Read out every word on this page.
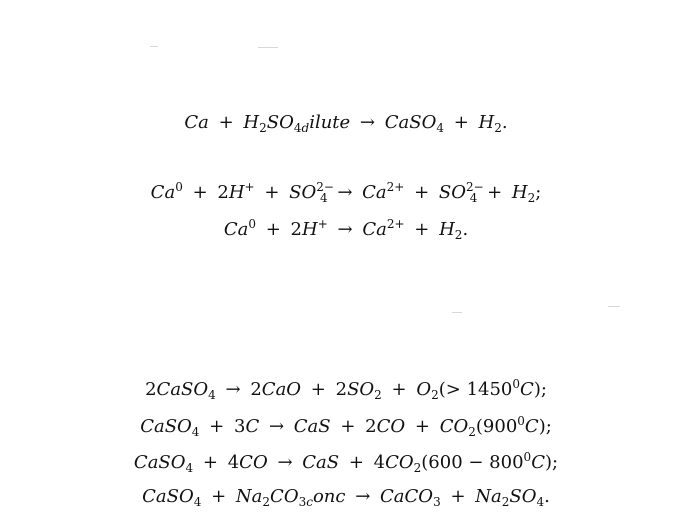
$Ca + H_2SO_{4d}ilute$ → CaSO$_4$ + $H_2$.
$Ca^0 + 2H^+ + SO^{2-}_4 \to Ca^{2+} + SO^{2-}_4 + H_2$;
$Ca^0 + 2H^+ \to Ca^{2+} + H_2$.
2CaSO$_4$ → $2CaO + 2SO_2 + O_2(> 1450^0C)$;
CaSO$_4$ + 3C → CaS + $2CO + CO_2(900^0C)$;
CaSO$_4$ + 4CO → CaS + $4CO_2(600 - 800^0C)$;
CaSO$_4$ + $Na_2CO_{3c}onc$ → CaCO$_3$ + $Na_2SO_4$.
